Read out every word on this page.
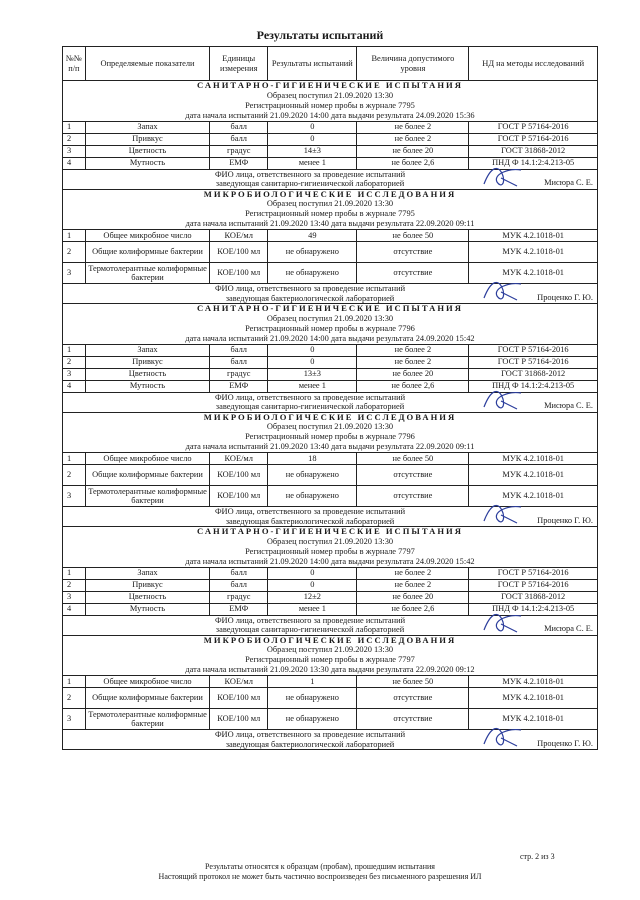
Результаты испытаний
№№ п/п	Определяемые показатели	Единицы измерения	Результаты испытаний	Величина допустимого уровня	НД на методы исследований
САНИТАРНО-ГИГИЕНИЧЕСКИЕ ИСПЫТАНИЯ					
Образец поступил 21.09.2020 13:30					
Регистрационный номер пробы в журнале 7795					
дата начала испытаний 21.09.2020 14:00 дата выдачи результата 24.09.2020 15:36					
1	Запах	балл	0	не более 2	ГОСТ Р 57164-2016
2	Привкус	балл	0	не более 2	ГОСТ Р 57164-2016
3	Цветность	градус	14±3	не более 20	ГОСТ 31868-2012
4	Мутность	ЕМФ	менее 1	не более 2,6	ПНД Ф 14.1:2:4.213-05

ФИО лица, ответственного за проведение испытаний
заведующая санитарно-гигиенической лабораторией Мисюра С. Е.					

МИКРОБИОЛОГИЧЕСКИЕ ИССЛЕДОВАНИЯ					
Образец поступил 21.09.2020 13:30					
Регистрационный номер пробы в журнале 7795					
дата начала испытаний 21.09.2020 13:40 дата выдачи результата 22.09.2020 09:11					
1	Общее микробное число	КОЕ/мл	49	не более 50	МУК 4.2.1018-01
2	Общие колиформные бактерии	КОЕ/100 мл	не обнаружено	отсутствие	МУК 4.2.1018-01
3	Термотолерантные колиформные бактерии	КОЕ/100 мл	не обнаружено	отсутствие	МУК 4.2.1018-01

ФИО лица, ответственного за проведение испытаний
заведующая бактериологической лабораторией Проценко Г. Ю.					

САНИТАРНО-ГИГИЕНИЧЕСКИЕ ИСПЫТАНИЯ					
Образец поступил 21.09.2020 13:30					
Регистрационный номер пробы в журнале 7796					
дата начала испытаний 21.09.2020 14:00 дата выдачи результата 24.09.2020 15:42					
1	Запах	балл	0	не более 2	ГОСТ Р 57164-2016
2	Привкус	балл	0	не более 2	ГОСТ Р 57164-2016
3	Цветность	градус	13±3	не более 20	ГОСТ 31868-2012
4	Мутность	ЕМФ	менее 1	не более 2,6	ПНД Ф 14.1:2:4.213-05

ФИО лица, ответственного за проведение испытаний
заведующая санитарно-гигиенической лабораторией Мисюра С. Е.					

МИКРОБИОЛОГИЧЕСКИЕ ИССЛЕДОВАНИЯ					
Образец поступил 21.09.2020 13:30					
Регистрационный номер пробы в журнале 7796					
дата начала испытаний 21.09.2020 13:40 дата выдачи результата 22.09.2020 09:11					
1	Общее микробное число	КОЕ/мл	18	не более 50	МУК 4.2.1018-01
2	Общие колиформные бактерии	КОЕ/100 мл	не обнаружено	отсутствие	МУК 4.2.1018-01
3	Термотолерантные колиформные бактерии	КОЕ/100 мл	не обнаружено	отсутствие	МУК 4.2.1018-01

ФИО лица, ответственного за проведение испытаний
заведующая бактериологической лабораторией Проценко Г. Ю.					

САНИТАРНО-ГИГИЕНИЧЕСКИЕ ИСПЫТАНИЯ					
Образец поступил 21.09.2020 13:30					
Регистрационный номер пробы в журнале 7797					
дата начала испытаний 21.09.2020 14:00 дата выдачи результата 24.09.2020 15:42					
1	Запах	балл	0	не более 2	ГОСТ Р 57164-2016
2	Привкус	балл	0	не более 2	ГОСТ Р 57164-2016
3	Цветность	градус	12±2	не более 20	ГОСТ 31868-2012
4	Мутность	ЕМФ	менее 1	не более 2,6	ПНД Ф 14.1:2:4.213-05

ФИО лица, ответственного за проведение испытаний
заведующая санитарно-гигиенической лабораторией Мисюра С. Е.					

МИКРОБИОЛОГИЧЕСКИЕ ИССЛЕДОВАНИЯ					
Образец поступил 21.09.2020 13:30					
Регистрационный номер пробы в журнале 7797					
дата начала испытаний 21.09.2020 13:30 дата выдачи результата 22.09.2020 09:12					
1	Общее микробное число	КОЕ/мл	1	не более 50	МУК 4.2.1018-01
2	Общие колиформные бактерии	КОЕ/100 мл	не обнаружено	отсутствие	МУК 4.2.1018-01
3	Термотолерантные колиформные бактерии	КОЕ/100 мл	не обнаружено	отсутствие	МУК 4.2.1018-01

ФИО лица, ответственного за проведение испытаний
заведующая бактериологической лабораторией Проценко Г. Ю.					
стр. 2 из 3
Результаты относятся к образцам (пробам), прошедшим испытания
Настоящий протокол не может быть частично воспроизведен без письменного разрешения ИЛ
